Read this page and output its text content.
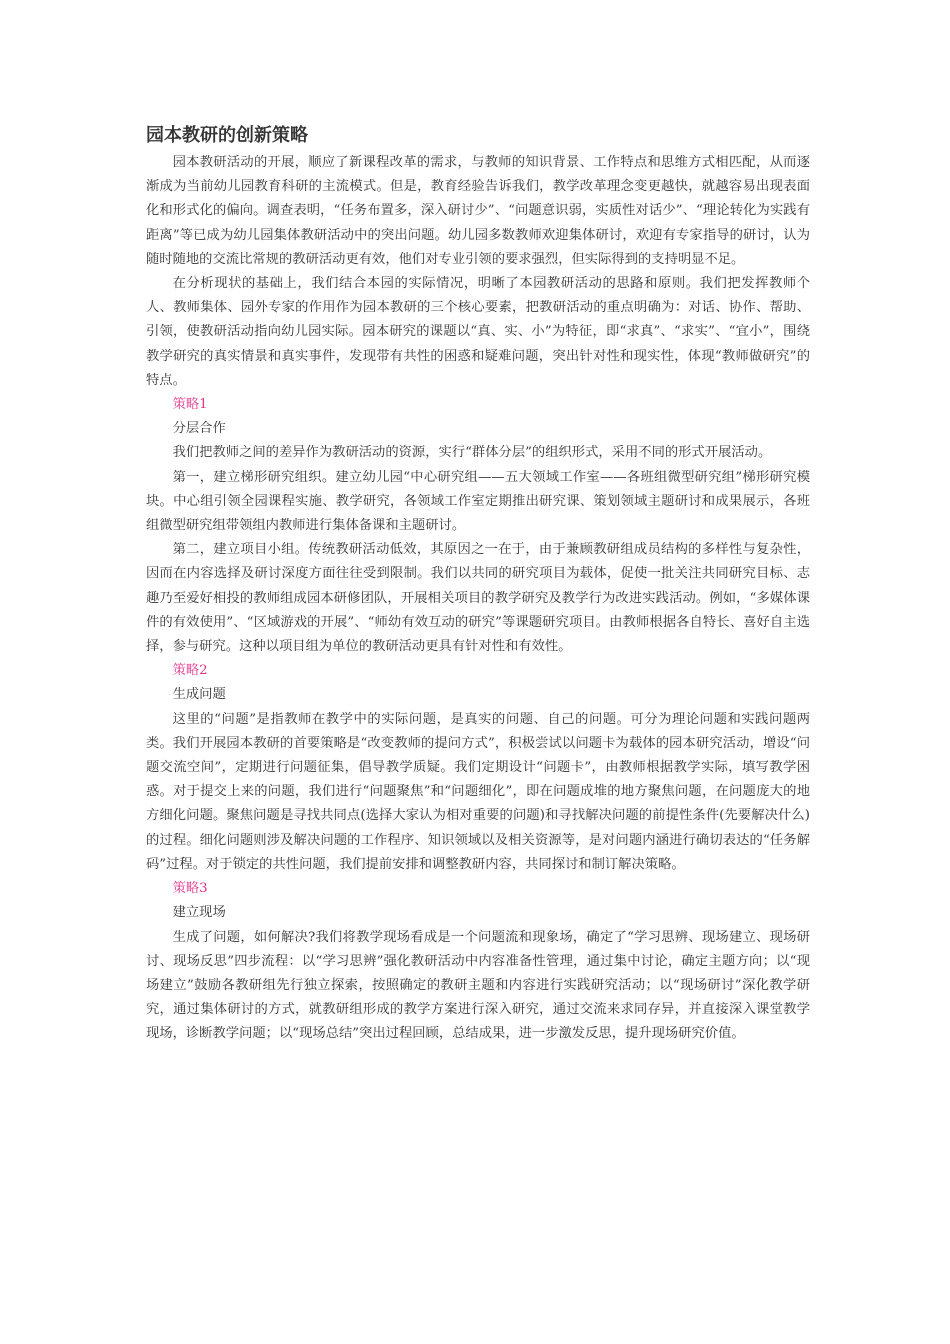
园本教研的创新策略

园本教研活动的开展，顺应了新课程改革的需求，与教师的知识背景、工作特点和思维方式相匹配，从而逐渐成为当前幼儿园教育科研的主流模式。但是，教育经验告诉我们，教学改革理念变更越快，就越容易出现表面化和形式化的偏向。调查表明，“任务布置多，深入研讨少”、“问题意识弱，实质性对话少”、“理论转化为实践有距离”等已成为幼儿园集体教研活动中的突出问题。幼儿园多数教师欢迎集体研讨，欢迎有专家指导的研讨，认为随时随地的交流比常规的教研活动更有效，他们对专业引领的要求强烈，但实际得到的支持明显不足。

在分析现状的基础上，我们结合本园的实际情况，明晰了本园教研活动的思路和原则。我们把发挥教师个人、教师集体、园外专家的作用作为园本教研的三个核心要素，把教研活动的重点明确为：对话、协作、帮助、引领，使教研活动指向幼儿园实际。园本研究的课题以“真、实、小”为特征，即“求真”、“求实”、“宜小”，围绕教学研究的真实情景和真实事件，发现带有共性的困惑和疑难问题，突出针对性和现实性，体现“教师做研究”的特点。

策略1

分层合作

我们把教师之间的差异作为教研活动的资源，实行“群体分层”的组织形式，采用不同的形式开展活动。

第一，建立梯形研究组织。建立幼儿园“中心研究组——五大领域工作室——各班组微型研究组”梯形研究模块。中心组引领全园课程实施、教学研究，各领域工作室定期推出研究课、策划领域主题研讨和成果展示，各班组微型研究组带领组内教师进行集体备课和主题研讨。

第二，建立项目小组。传统教研活动低效，其原因之一在于，由于兼顾教研组成员结构的多样性与复杂性，因而在内容选择及研讨深度方面往往受到限制。我们以共同的研究项目为载体，促使一批关注共同研究目标、志趣乃至爱好相投的教师组成园本研修团队，开展相关项目的教学研究及教学行为改进实践活动。例如，“多媒体课件的有效使用”、“区域游戏的开展”、“师幼有效互动的研究”等课题研究项目。由教师根据各自特长、喜好自主选择，参与研究。这种以项目组为单位的教研活动更具有针对性和有效性。

策略2

生成问题

这里的“问题”是指教师在教学中的实际问题，是真实的问题、自己的问题。可分为理论问题和实践问题两类。我们开展园本教研的首要策略是“改变教师的提问方式”，积极尝试以问题卡为载体的园本研究活动，增设“问题交流空间”，定期进行问题征集，倡导教学质疑。我们定期设计“问题卡”，由教师根据教学实际，填写教学困惑。对于提交上来的问题，我们进行“问题聚焦”和“问题细化”，即在问题成堆的地方聚焦问题，在问题庞大的地方细化问题。聚焦问题是寻找共同点(选择大家认为相对重要的问题)和寻找解决问题的前提性条件(先要解决什么)的过程。细化问题则涉及解决问题的工作程序、知识领域以及相关资源等，是对问题内涵进行确切表达的“任务解码”过程。对于锁定的共性问题，我们提前安排和调整教研内容，共同探讨和制订解决策略。

策略3

建立现场

生成了问题，如何解决?我们将教学现场看成是一个问题流和现象场，确定了“学习思辨、现场建立、现场研讨、现场反思”四步流程：以“学习思辨”强化教研活动中内容准备性管理，通过集中讨论，确定主题方向；以“现场建立”鼓励各教研组先行独立探索，按照确定的教研主题和内容进行实践研究活动；以“现场研讨”深化教学研究，通过集体研讨的方式，就教研组形成的教学方案进行深入研究，通过交流来求同存异，并直接深入课堂教学现场，诊断教学问题；以“现场总结”突出过程回顾，总结成果，进一步激发反思，提升现场研究价值。
